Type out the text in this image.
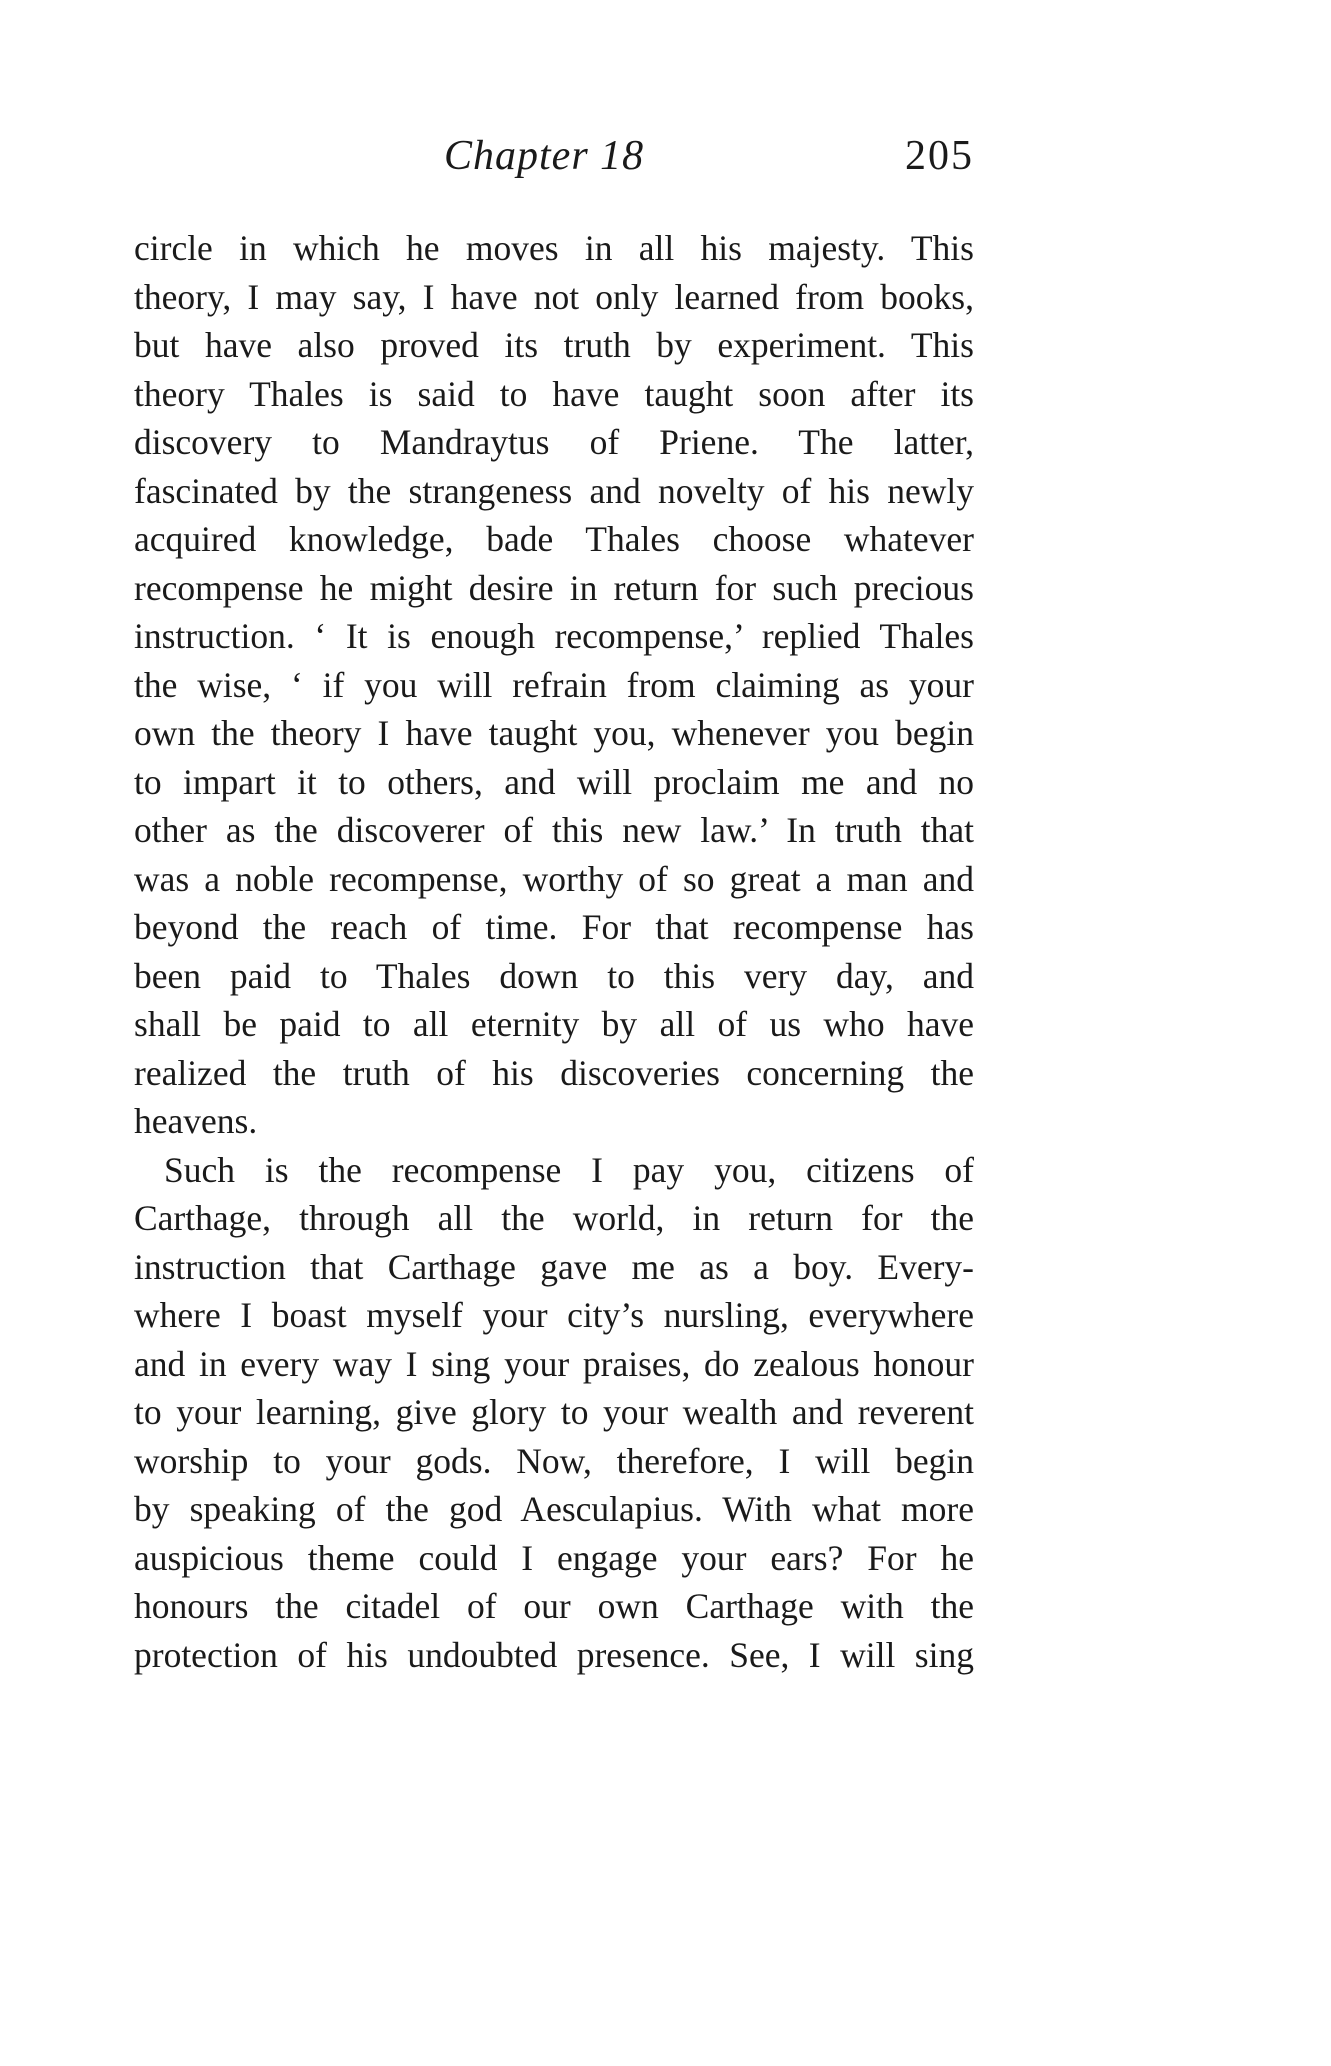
Chapter 18	205
circle in which he moves in all his majesty. This
theory, I may say, I have not only learned from books,
but have also proved its truth by experiment. This
theory Thales is said to have taught soon after its
discovery to Mandraytus of Priene. The latter,
fascinated by the strangeness and novelty of his newly
acquired knowledge, bade Thales choose whatever
recompense he might desire in return for such precious
instruction. ‘ It is enough recompense,’ replied Thales
the wise, ‘ if you will refrain from claiming as your
own the theory I have taught you, whenever you begin
to impart it to others, and will proclaim me and no
other as the discoverer of this new law.’ In truth that
was a noble recompense, worthy of so great a man and
beyond the reach of time. For that recompense has
been paid to Thales down to this very day, and
shall be paid to all eternity by all of us who have
realized the truth of his discoveries concerning the
heavens.
Such is the recompense I pay you, citizens of
Carthage, through all the world, in return for the
instruction that Carthage gave me as a boy. Every-
where I boast myself your city’s nursling, everywhere
and in every way I sing your praises, do zealous honour
to your learning, give glory to your wealth and reverent
worship to your gods. Now, therefore, I will begin
by speaking of the god Aesculapius. With what more
auspicious theme could I engage your ears? For he
honours the citadel of our own Carthage with the
protection of his undoubted presence. See, I will sing
